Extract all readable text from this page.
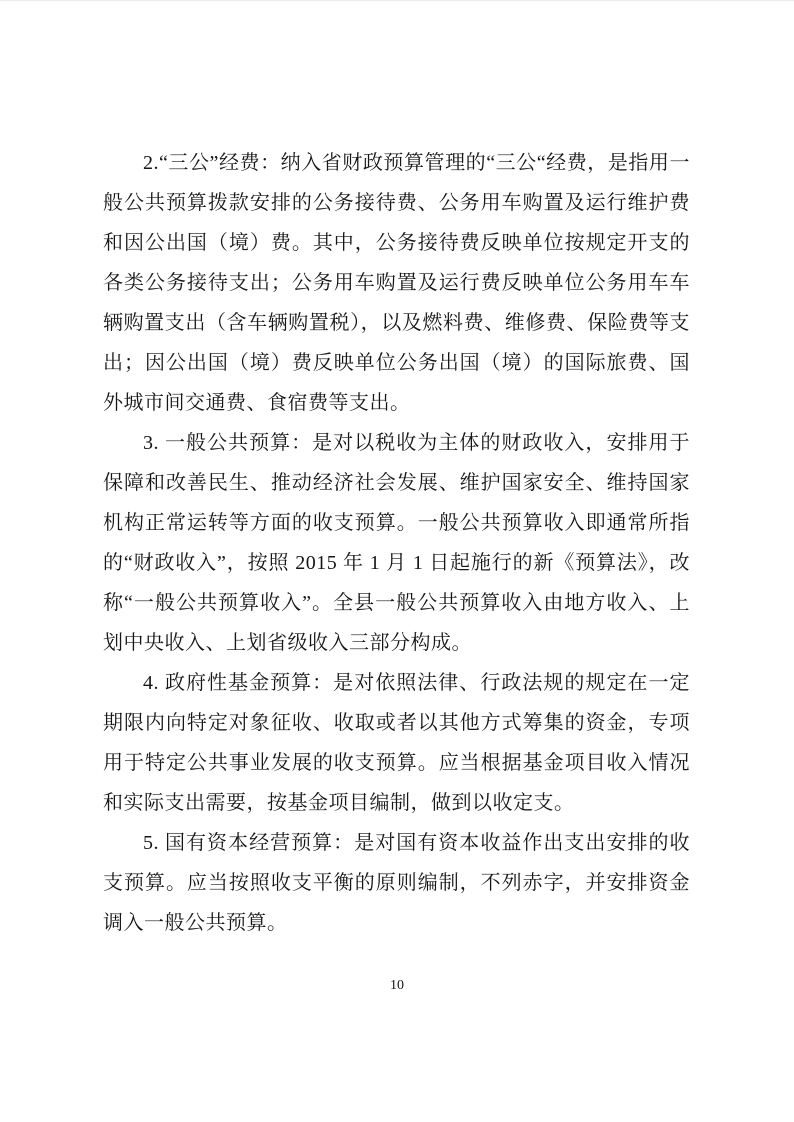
2.“三公”经费：纳入省财政预算管理的“三公“经费，是指用一般公共预算拨款安排的公务接待费、公务用车购置及运行维护费和因公出国（境）费。其中，公务接待费反映单位按规定开支的各类公务接待支出；公务用车购置及运行费反映单位公务用车车辆购置支出（含车辆购置税），以及燃料费、维修费、保险费等支出；因公出国（境）费反映单位公务出国（境）的国际旅费、国外城市间交通费、食宿费等支出。

3. 一般公共预算：是对以税收为主体的财政收入，安排用于保障和改善民生、推动经济社会发展、维护国家安全、维持国家机构正常运转等方面的收支预算。一般公共预算收入即通常所指的“财政收入”，按照 2015 年 1 月 1 日起施行的新《预算法》，改称“一般公共预算收入”。全县一般公共预算收入由地方收入、上划中央收入、上划省级收入三部分构成。

4. 政府性基金预算：是对依照法律、行政法规的规定在一定期限内向特定对象征收、收取或者以其他方式筹集的资金，专项用于特定公共事业发展的收支预算。应当根据基金项目收入情况和实际支出需要，按基金项目编制，做到以收定支。

5. 国有资本经营预算：是对国有资本收益作出支出安排的收支预算。应当按照收支平衡的原则编制，不列赤字，并安排资金调入一般公共预算。

10
